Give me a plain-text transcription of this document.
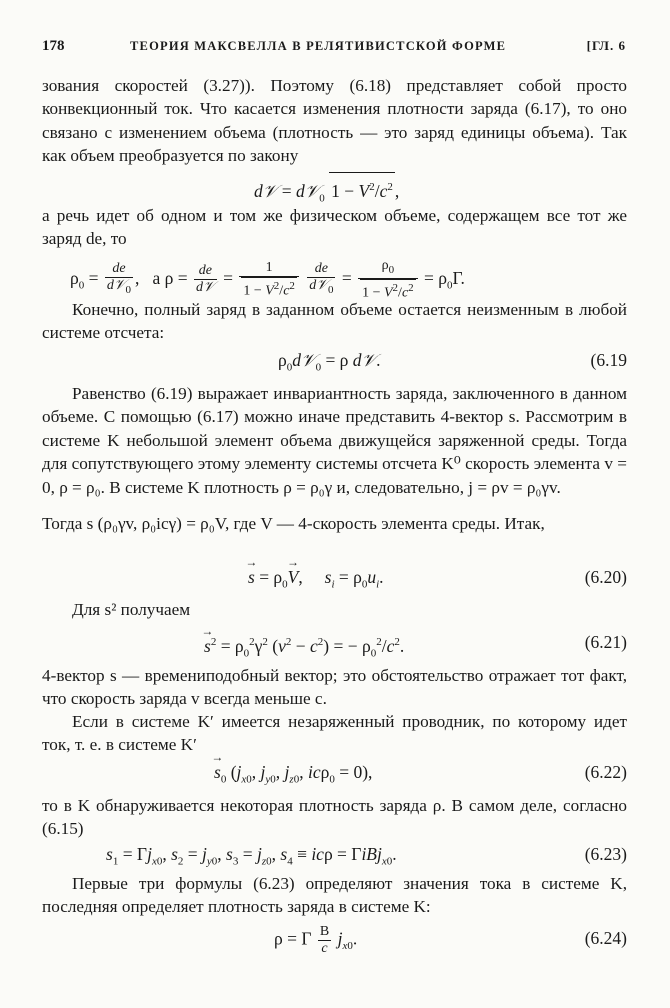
178	ТЕОРИЯ МАКСВЕЛЛА В РЕЛЯТИВИСТСКОЙ ФОРМЕ	[ГЛ. 6

зования скоростей (3.27)). Поэтому (6.18) представляет собой просто конвекционный ток. Что касается изменения плотности заряда (6.17), то оно связано с изменением объема (плотность — это заряд единицы объема). Так как объем преобразуется по закону

d𝒱 = d𝒱$_0$ $1 - V^2/c^2$ ,

а речь идет об одном и том же физическом объеме, содержащем все тот же заряд de, то

$\rho_0 = \frac{de}{d𝒱_0}$ ,   а $\rho = \frac{de}{\text{d𝒱}} = \frac{1}{1 - V^2/c^2}$
$\frac{de}{d𝒱_0} = \frac{\rho_0}{1 - V^2/c^2} = \rho_0\Gamma$.

Конечно, полный заряд в заданном объеме остается неизменным в любой системе отсчета:

$\rho_0d𝒱_0 = \rho$ d𝒱.	(6.19

Равенство (6.19) выражает инвариантность заряда, заключенного в данном объеме. С помощью (6.17) можно иначе представить 4-вектор s. Рассмотрим в системе K небольшой элемент объема движущейся заряженной среды. Тогда для сопутствующего этому элементу системы отсчета K⁰ скорость элемента v = 0, ρ = ρ₀. В системе K плотность ρ = ρ₀γ и, следовательно, j = ρv = ρ₀γv.

Тогда s (ρ₀γv, ρ₀icγ) = ρ₀V, где V — 4-скорость элемента среды. Итак,

→ $s = \rho_0\to V$,     $s_i = \rho_0u_i$.	(6.20)

Для s² получаем

→ $s^2 = \rho_0^2\gamma^2$ $(v^2 - c^2)$ = − $\rho_0^2/c^2$.	(6.21)

4-вектор s — времениподобный вектор; это обстоятельство отражает тот факт, что скорость заряда v всегда меньше c.

Если в системе K′ имеется незаряженный проводник, по которому идет ток, т. е. в системе K′

→ $s_0$ ($j_{x0}$, $j_{y0}$, $j_{z0}$, icρ$_0$ = 0),	(6.22)

то в K обнаруживается некоторая плотность заряда ρ. В самом деле, согласно (6.15)

$s_1 = \Gamma j_{x0}$, $s_2 = j_{y0}$, $s_3 = j_{z0}$, $s_4 \equiv ic\rho = \Gamma iBj_{x0}$.	(6.23)

Первые три формулы (6.23) определяют значения тока в системе K, последняя определяет плотность заряда в системе K:

ρ = Γ $\frac{B}{c} j_{x0}$.	(6.24)
